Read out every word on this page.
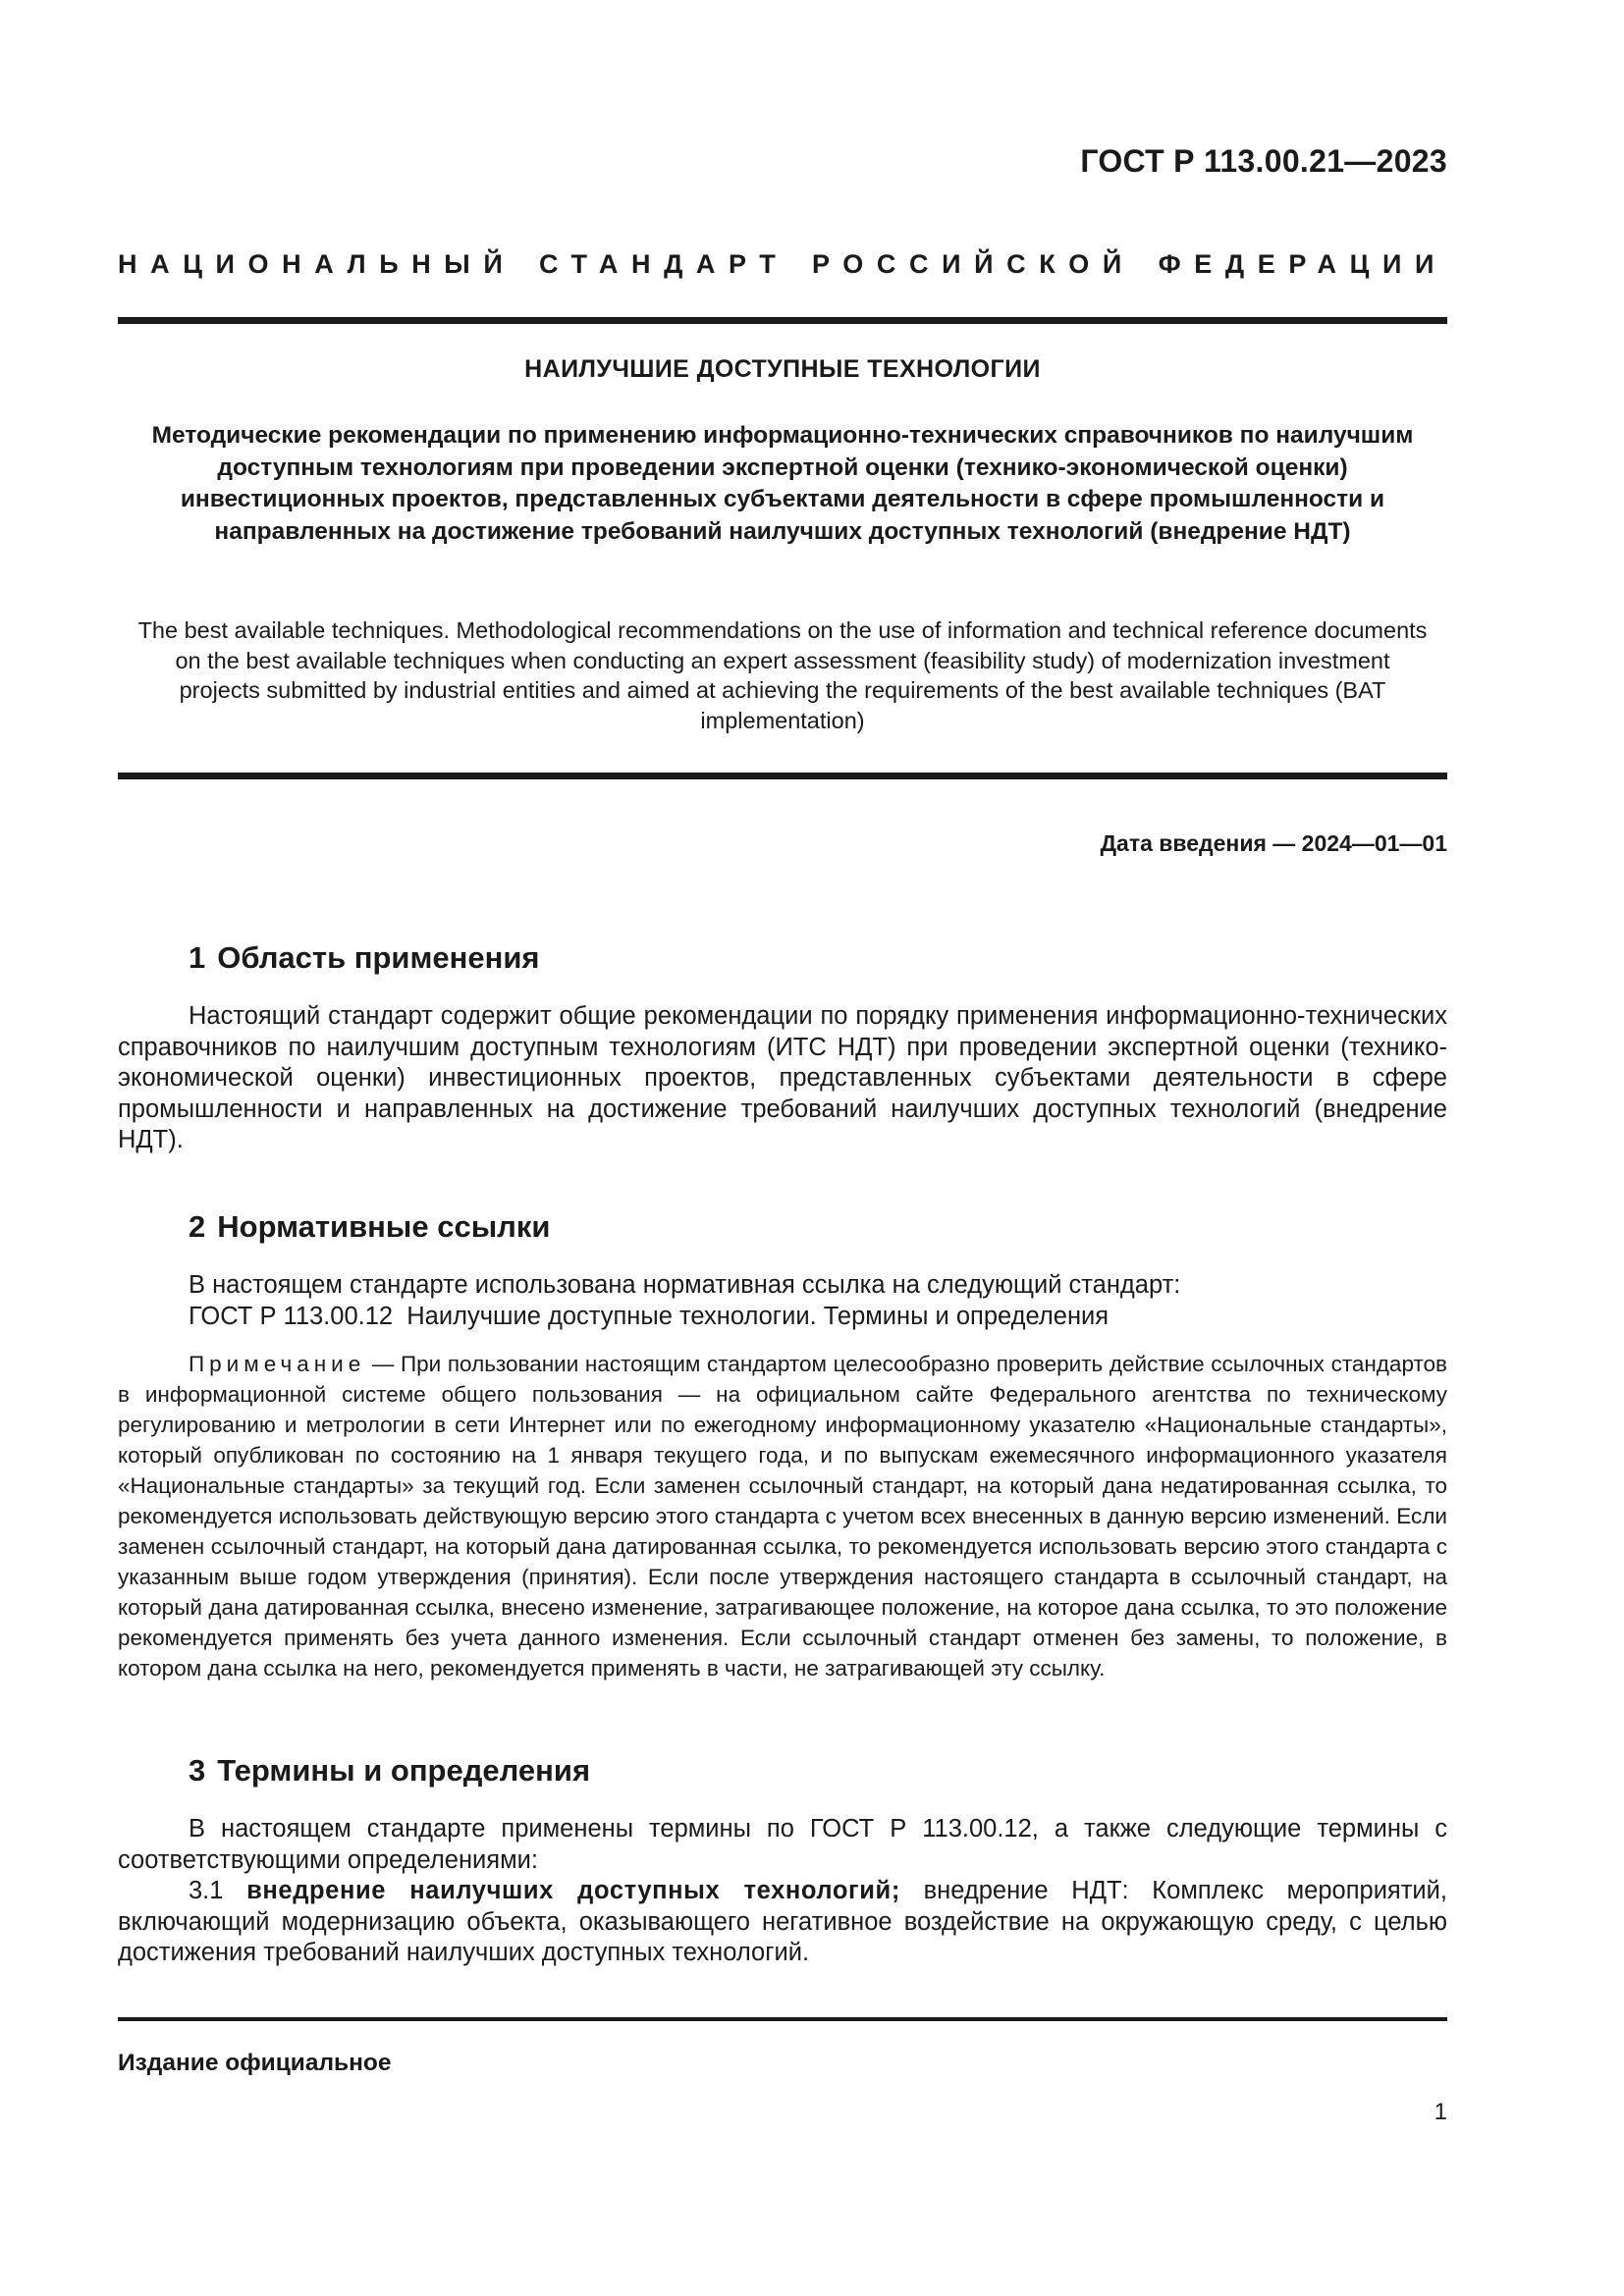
ГОСТ Р 113.00.21—2023
НАЦИОНАЛЬНЫЙ СТАНДАРТ РОССИЙСКОЙ ФЕДЕРАЦИИ
НАИЛУЧШИЕ ДОСТУПНЫЕ ТЕХНОЛОГИИ
Методические рекомендации по применению информационно-технических справочников по наилучшим доступным технологиям при проведении экспертной оценки (технико-экономической оценки) инвестиционных проектов, представленных субъектами деятельности в сфере промышленности и направленных на достижение требований наилучших доступных технологий (внедрение НДТ)
The best available techniques. Methodological recommendations on the use of information and technical reference documents on the best available techniques when conducting an expert assessment (feasibility study) of modernization investment projects submitted by industrial entities and aimed at achieving the requirements of the best available techniques (BAT implementation)
Дата введения — 2024—01—01
1 Область применения
Настоящий стандарт содержит общие рекомендации по порядку применения информационно-технических справочников по наилучшим доступным технологиям (ИТС НДТ) при проведении экспертной оценки (технико-экономической оценки) инвестиционных проектов, представленных субъектами деятельности в сфере промышленности и направленных на достижение требований наилучших доступных технологий (внедрение НДТ).
2 Нормативные ссылки
В настоящем стандарте использована нормативная ссылка на следующий стандарт:
ГОСТ Р 113.00.12  Наилучшие доступные технологии. Термины и определения
Примечание — При пользовании настоящим стандартом целесообразно проверить действие ссылочных стандартов в информационной системе общего пользования — на официальном сайте Федерального агентства по техническому регулированию и метрологии в сети Интернет или по ежегодному информационному указателю «Национальные стандарты», который опубликован по состоянию на 1 января текущего года, и по выпускам ежемесячного информационного указателя «Национальные стандарты» за текущий год. Если заменен ссылочный стандарт, на который дана недатированная ссылка, то рекомендуется использовать действующую версию этого стандарта с учетом всех внесенных в данную версию изменений. Если заменен ссылочный стандарт, на который дана датированная ссылка, то рекомендуется использовать версию этого стандарта с указанным выше годом утверждения (принятия). Если после утверждения настоящего стандарта в ссылочный стандарт, на который дана датированная ссылка, внесено изменение, затрагивающее положение, на которое дана ссылка, то это положение рекомендуется применять без учета данного изменения. Если ссылочный стандарт отменен без замены, то положение, в котором дана ссылка на него, рекомендуется применять в части, не затрагивающей эту ссылку.
3 Термины и определения
В настоящем стандарте применены термины по ГОСТ Р 113.00.12, а также следующие термины с соответствующими определениями:
3.1 внедрение наилучших доступных технологий; внедрение НДТ: Комплекс мероприятий, включающий модернизацию объекта, оказывающего негативное воздействие на окружающую среду, с целью достижения требований наилучших доступных технологий.
Издание официальное
1
